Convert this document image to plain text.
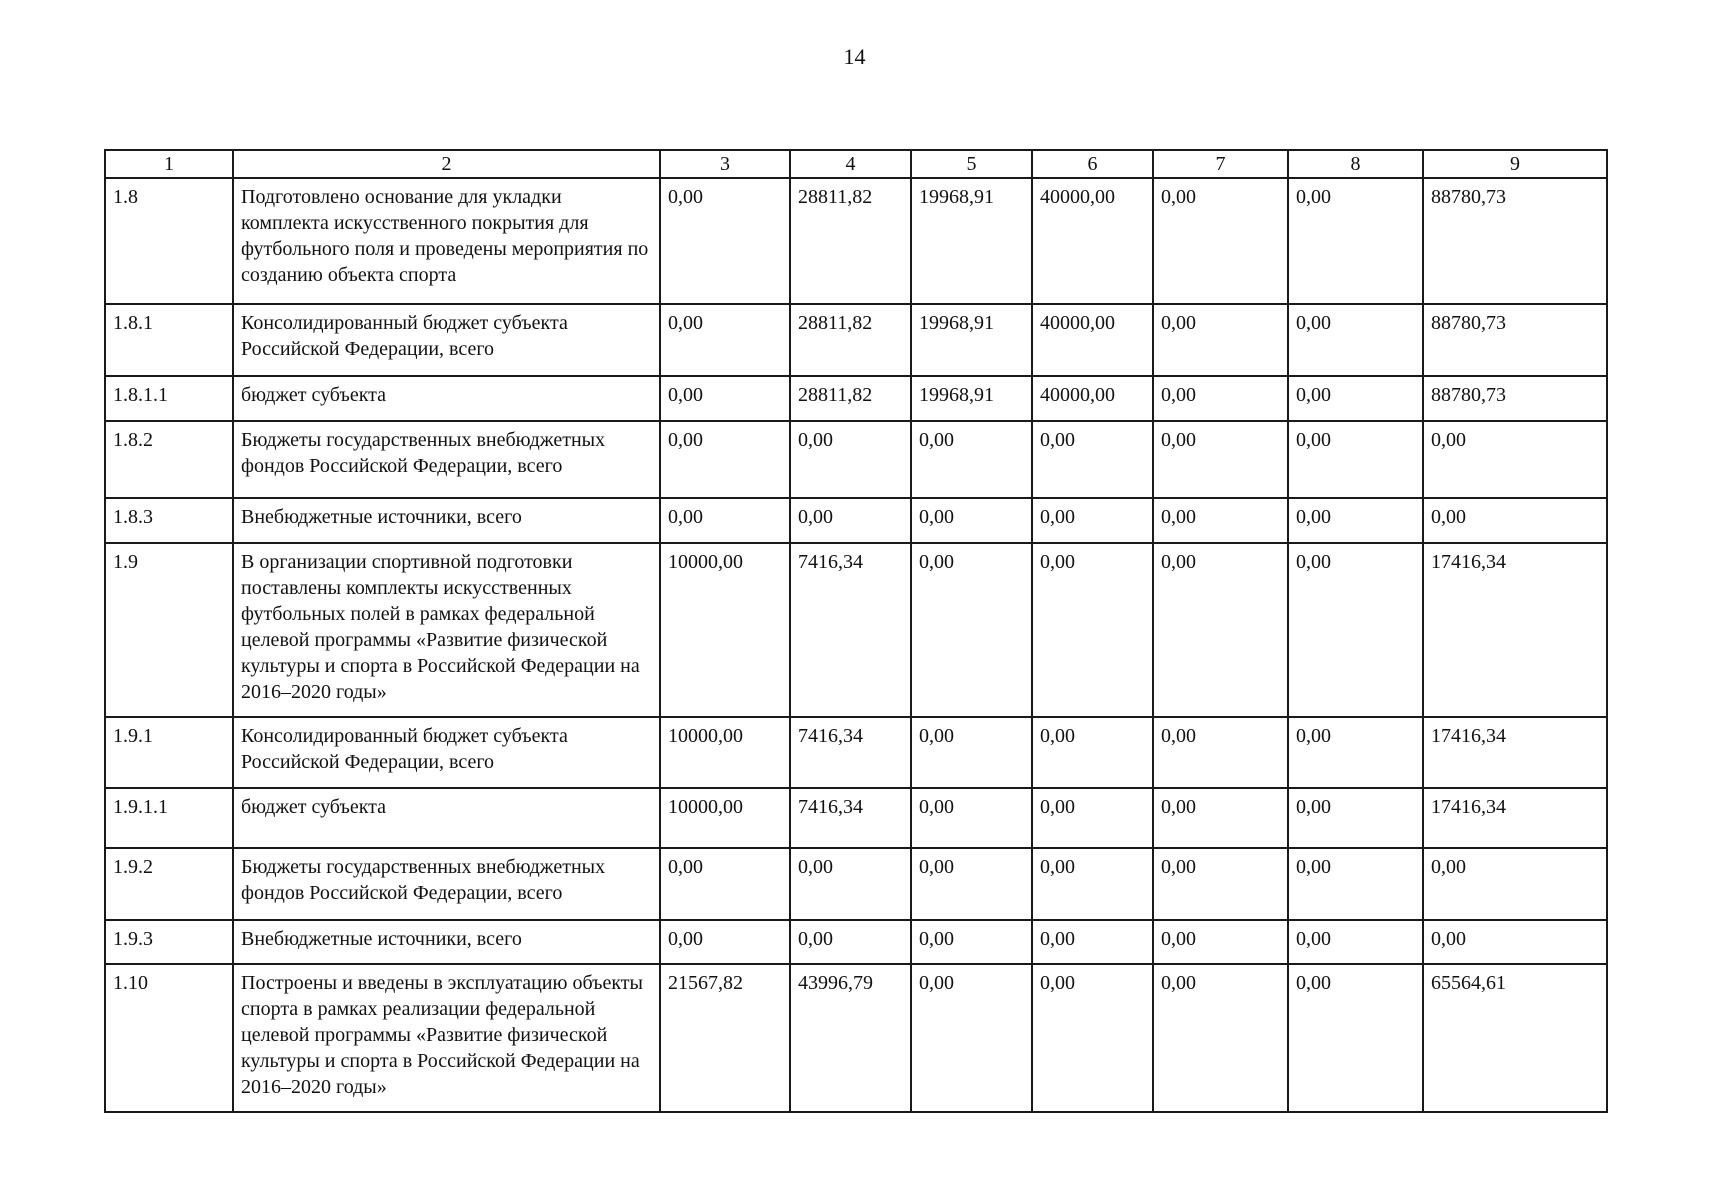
14
1	2	3	4	5	6	7	8	9
1.8	Подготовлено основание для укладки комплекта искусственного покрытия для футбольного поля и проведены мероприятия по созданию объекта спорта	0,00	28811,82	19968,91	40000,00	0,00	0,00	88780,73
1.8.1	Консолидированный бюджет субъекта Российской Федерации, всего	0,00	28811,82	19968,91	40000,00	0,00	0,00	88780,73
1.8.1.1	бюджет субъекта	0,00	28811,82	19968,91	40000,00	0,00	0,00	88780,73
1.8.2	Бюджеты государственных внебюджетных фондов Российской Федерации, всего	0,00	0,00	0,00	0,00	0,00	0,00	0,00
1.8.3	Внебюджетные источники, всего	0,00	0,00	0,00	0,00	0,00	0,00	0,00
1.9	В организации спортивной подготовки поставлены комплекты искусственных футбольных полей в рамках федеральной целевой программы «Развитие физической культуры и спорта в Российской Федерации на 2016–2020 годы»	10000,00	7416,34	0,00	0,00	0,00	0,00	17416,34
1.9.1	Консолидированный бюджет субъекта Российской Федерации, всего	10000,00	7416,34	0,00	0,00	0,00	0,00	17416,34
1.9.1.1	бюджет субъекта	10000,00	7416,34	0,00	0,00	0,00	0,00	17416,34
1.9.2	Бюджеты государственных внебюджетных фондов Российской Федерации, всего	0,00	0,00	0,00	0,00	0,00	0,00	0,00
1.9.3	Внебюджетные источники, всего	0,00	0,00	0,00	0,00	0,00	0,00	0,00
1.10	Построены и введены в эксплуатацию объекты спорта в рамках реализации федеральной целевой программы «Развитие физической культуры и спорта в Российской Федерации на 2016–2020 годы»	21567,82	43996,79	0,00	0,00	0,00	0,00	65564,61
